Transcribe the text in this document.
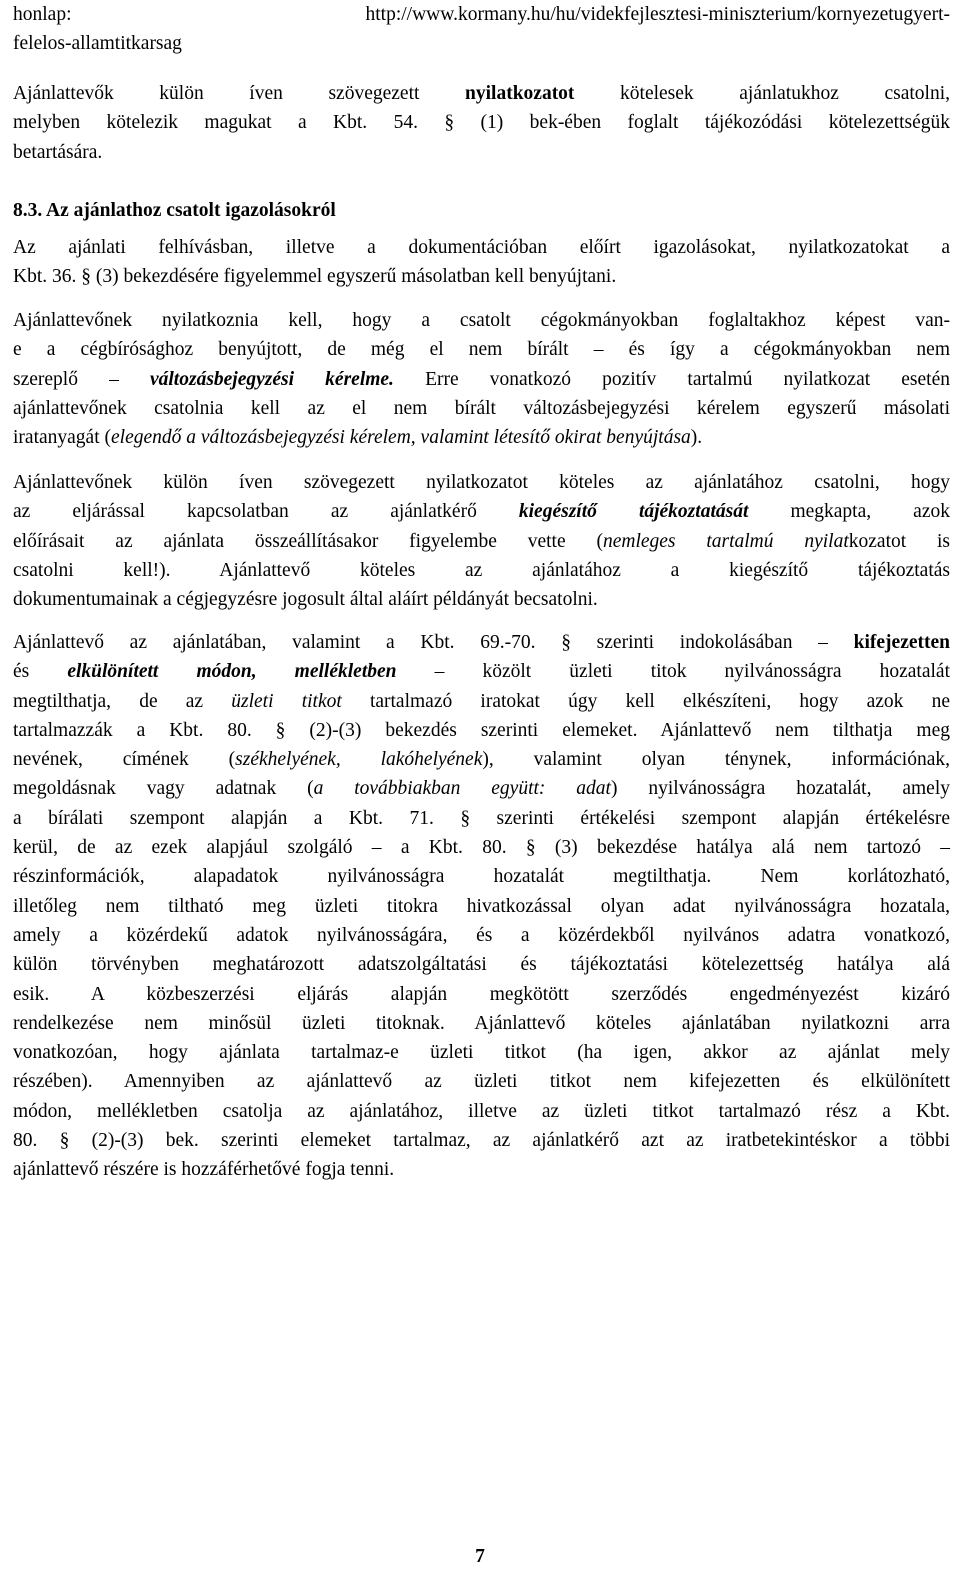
honlap:	http://www.kormany.hu/hu/videkfejlesztesi-miniszterium/kornyezetugyert-
felelos-allamtitkarsag
Ajánlattevők külön íven szövegezett nyilatkozatot kötelesek ajánlatukhoz csatolni,
melyben kötelezik magukat a Kbt. 54. § (1) bek-ében foglalt tájékozódási kötelezettségük
betartására.
8.3. Az ajánlathoz csatolt igazolásokról
Az ajánlati felhívásban, illetve a dokumentációban előírt igazolásokat, nyilatkozatokat a
Kbt. 36. § (3) bekezdésére figyelemmel egyszerű másolatban kell benyújtani.
Ajánlattevőnek nyilatkoznia kell, hogy a csatolt cégokmányokban foglaltakhoz képest van-
e a cégbírósághoz benyújtott, de még el nem bírált – és így a cégokmányokban nem
szereplő – változásbejegyzési kérelme. Erre vonatkozó pozitív tartalmú nyilatkozat esetén
ajánlattevőnek csatolnia kell az el nem bírált változásbejegyzési kérelem egyszerű másolati
iratanyagát (elegendő a változásbejegyzési kérelem, valamint létesítő okirat benyújtása).
Ajánlattevőnek külön íven szövegezett nyilatkozatot köteles az ajánlatához csatolni, hogy
az eljárással kapcsolatban az ajánlatkérő kiegészítő tájékoztatását megkapta, azok
előírásait az ajánlata összeállításakor figyelembe vette (nemleges tartalmú nyilatkozatot is
csatolni kell!). Ajánlattevő köteles az ajánlatához a kiegészítő tájékoztatás
dokumentumainak a cégjegyzésre jogosult által aláírt példányát becsatolni.
Ajánlattevő az ajánlatában, valamint a Kbt. 69.-70. § szerinti indokolásában – kifejezetten
és elkülönített módon, mellékletben – közölt üzleti titok nyilvánosságra hozatalát
megtilthatja, de az üzleti titkot tartalmazó iratokat úgy kell elkészíteni, hogy azok ne
tartalmazzák a Kbt. 80. § (2)-(3) bekezdés szerinti elemeket. Ajánlattevő nem tilthatja meg
nevének, címének (székhelyének, lakóhelyének), valamint olyan ténynek, információnak,
megoldásnak vagy adatnak (a továbbiakban együtt: adat) nyilvánosságra hozatalát, amely
a bírálati szempont alapján a Kbt. 71. § szerinti értékelési szempont alapján értékelésre
kerül, de az ezek alapjául szolgáló – a Kbt. 80. § (3) bekezdése hatálya alá nem tartozó –
részinformációk, alapadatok nyilvánosságra hozatalát megtilthatja. Nem korlátozható,
illetőleg nem tiltható meg üzleti titokra hivatkozással olyan adat nyilvánosságra hozatala,
amely a közérdekű adatok nyilvánosságára, és a közérdekből nyilvános adatra vonatkozó,
külön törvényben meghatározott adatszolgáltatási és tájékoztatási kötelezettség hatálya alá
esik. A közbeszerzési eljárás alapján megkötött szerződés engedményezést kizáró
rendelkezése nem minősül üzleti titoknak. Ajánlattevő köteles ajánlatában nyilatkozni arra
vonatkozóan, hogy ajánlata tartalmaz-e üzleti titkot (ha igen, akkor az ajánlat mely
részében). Amennyiben az ajánlattevő az üzleti titkot nem kifejezetten és elkülönített
módon, mellékletben csatolja az ajánlatához, illetve az üzleti titkot tartalmazó rész a Kbt.
80. § (2)-(3) bek. szerinti elemeket tartalmaz, az ajánlatkérő azt az iratbetekintéskor a többi
ajánlattevő részére is hozzáférhetővé fogja tenni.
7
